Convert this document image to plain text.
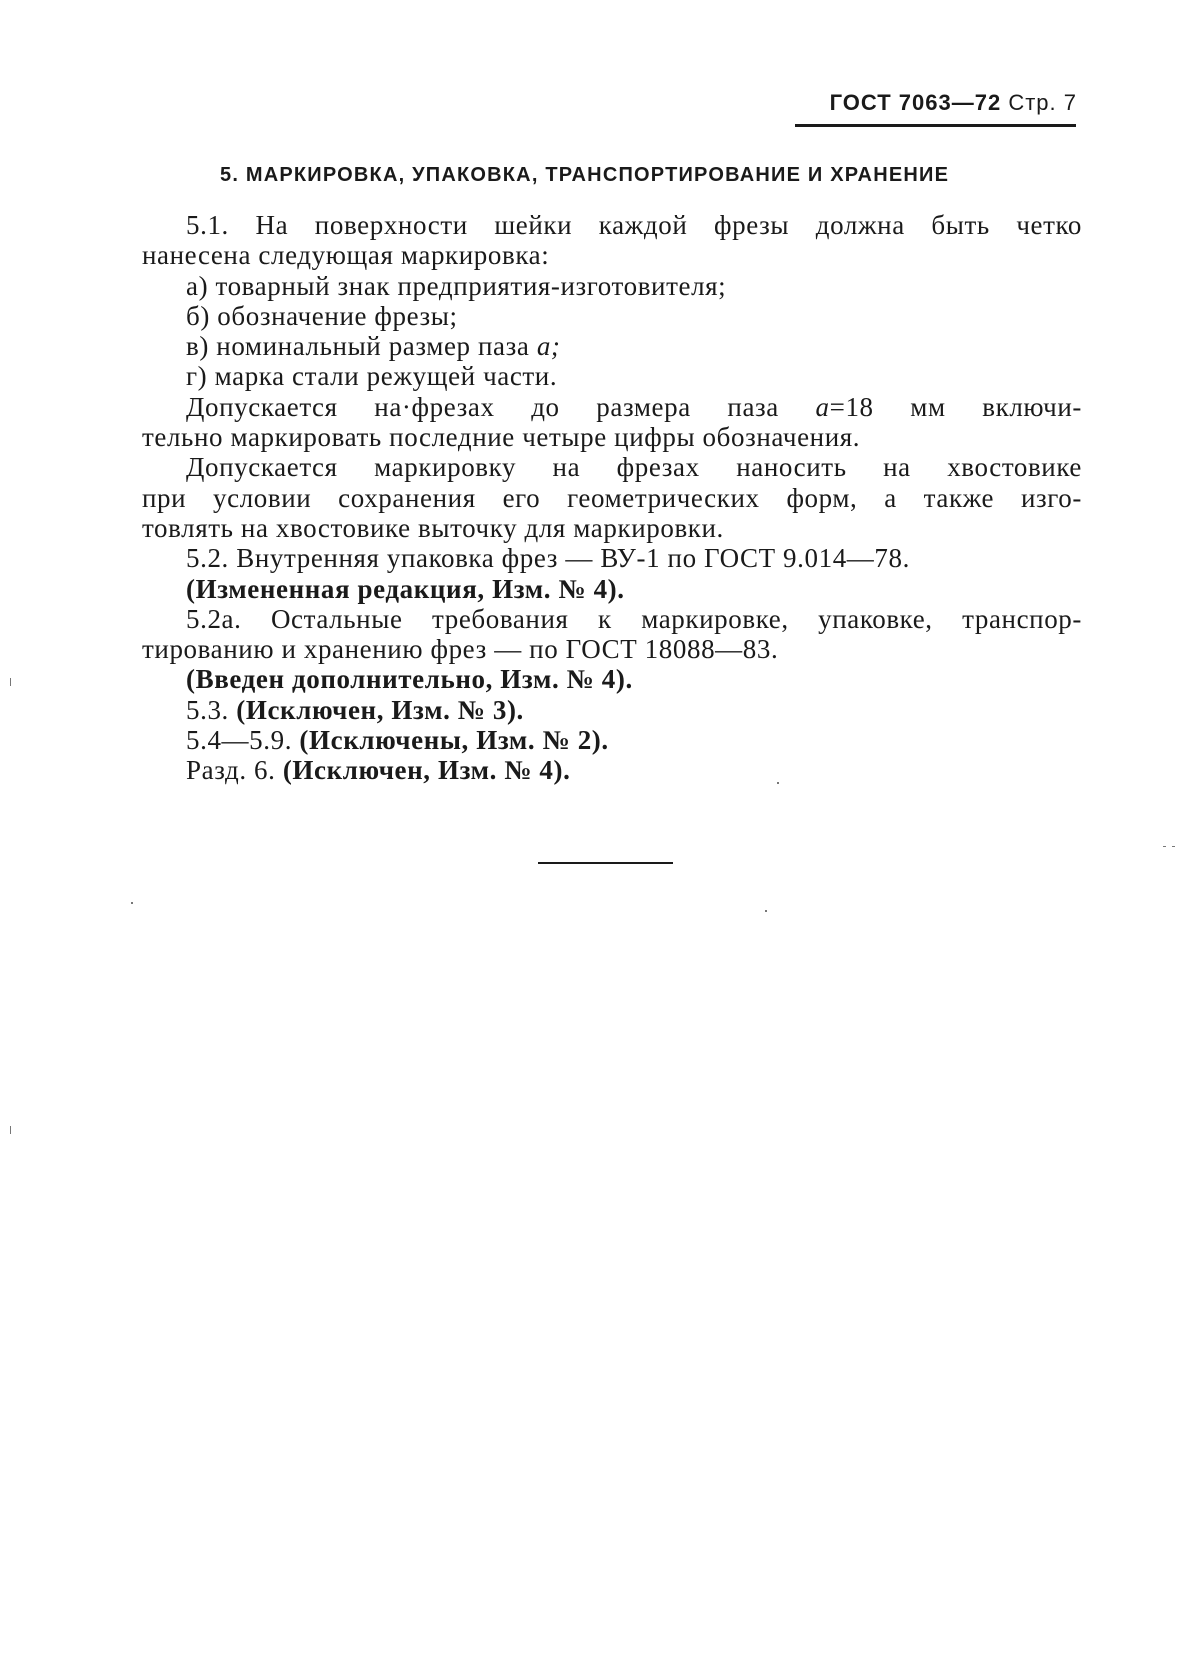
ГОСТ 7063—72 Стр. 7
5. МАРКИРОВКА, УПАКОВКА, ТРАНСПОРТИРОВАНИЕ И ХРАНЕНИЕ
5.1. На поверхности шейки каждой фрезы должна быть четко
нанесена следующая маркировка:
а) товарный знак предприятия-изготовителя;
б) обозначение фрезы;
в) номинальный размер паза a;
г) марка стали режущей части.
Допускается на·фрезах до размера паза a=18 мм включи-
тельно маркировать последние четыре цифры обозначения.
Допускается маркировку на фрезах наносить на хвостовике
при условии сохранения его геометрических форм, а также изго-
товлять на хвостовике выточку для маркировки.
5.2. Внутренняя упаковка фрез — ВУ-1 по ГОСТ 9.014—78.
(Измененная редакция, Изм. № 4).
5.2а. Остальные требования к маркировке, упаковке, транспор-
тированию и хранению фрез — по ГОСТ 18088—83.
(Введен дополнительно, Изм. № 4).
5.3. (Исключен, Изм. № 3).
5.4—5.9. (Исключены, Изм. № 2).
Разд. 6. (Исключен, Изм. № 4).
